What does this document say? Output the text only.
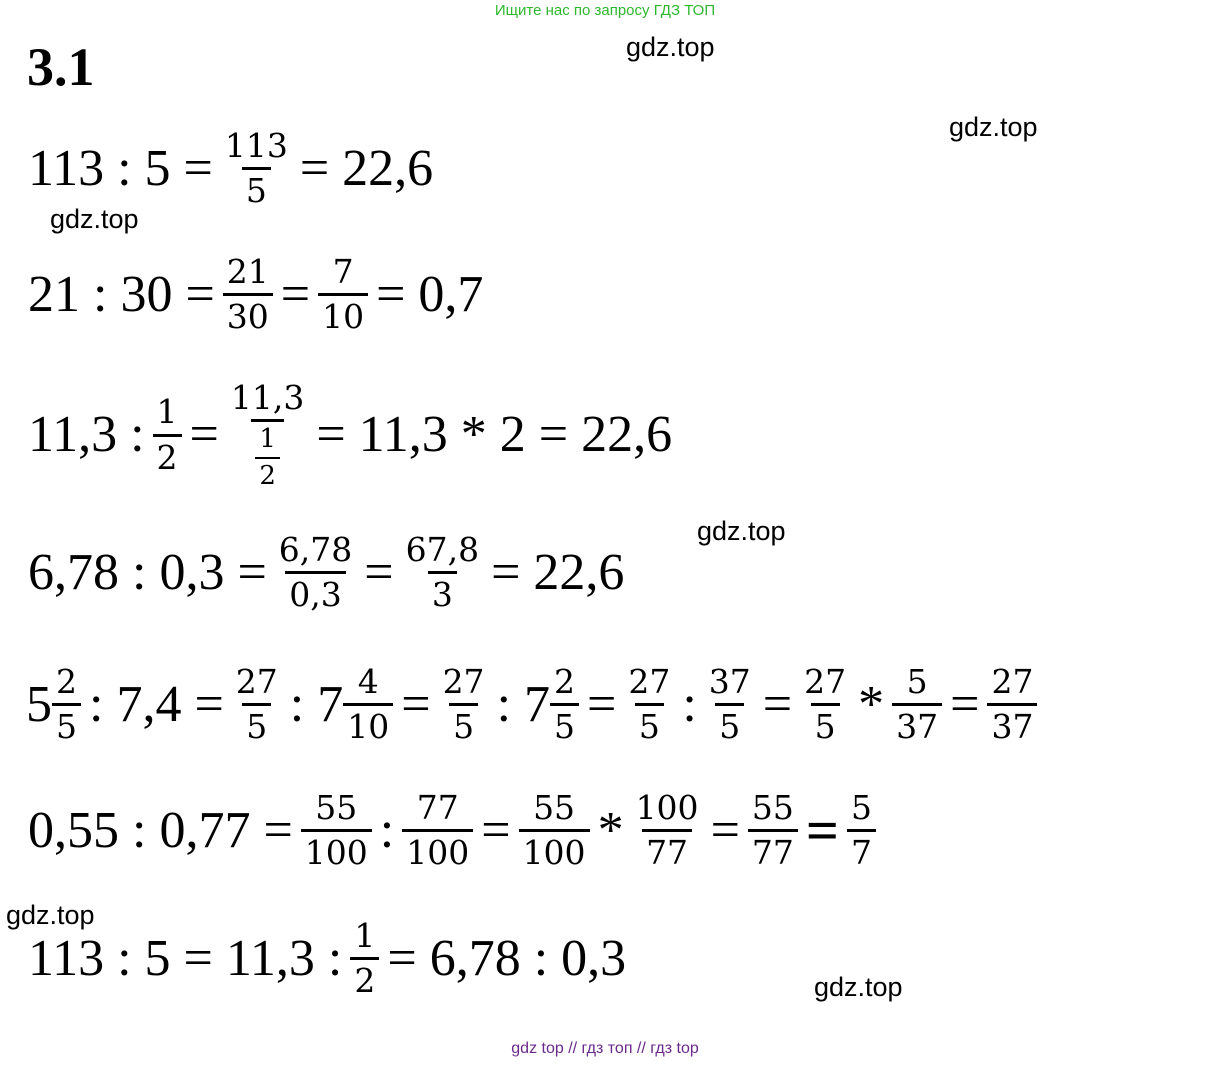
Ищите нас по запросу ГДЗ ТОП
3.1	gdz.top
gdz.top
gdz.top
gdz.top
gdz.top
gdz.top
113 : $5 = \frac{113}{5} = 22,6$
21 : $30 = \frac{21}{30} = \frac{7}{10} = 0,7$
11,3 : $\frac{1}{2} = \frac{11,3}{\frac{1}{2}} = 11,3 * 2 = 22,6$
6,78 : $0,3 = \frac{6,78}{0,3} = \frac{67,8}{3} = 22,6$
$5 \frac{2}{5}$ : $7,4 = \frac{27}{5}$ : $7 \frac{4}{10} = \frac{27}{5}$ : $7 \frac{2}{5} = \frac{27}{5}$ : $\frac{37}{5} = \frac{27}{5} * \frac{5}{37} = \frac{27}{37}$
0,55 : $0,77 = \frac{55}{100}$ : $\frac{77}{100} = \frac{55}{100} * \frac{100}{77} = \frac{55}{77} = \frac{5}{7}$
113 : 5 = 11,3 : $\frac{1}{2} = 6,78$ : 0,3
gdz top // гдз топ // гдз top
